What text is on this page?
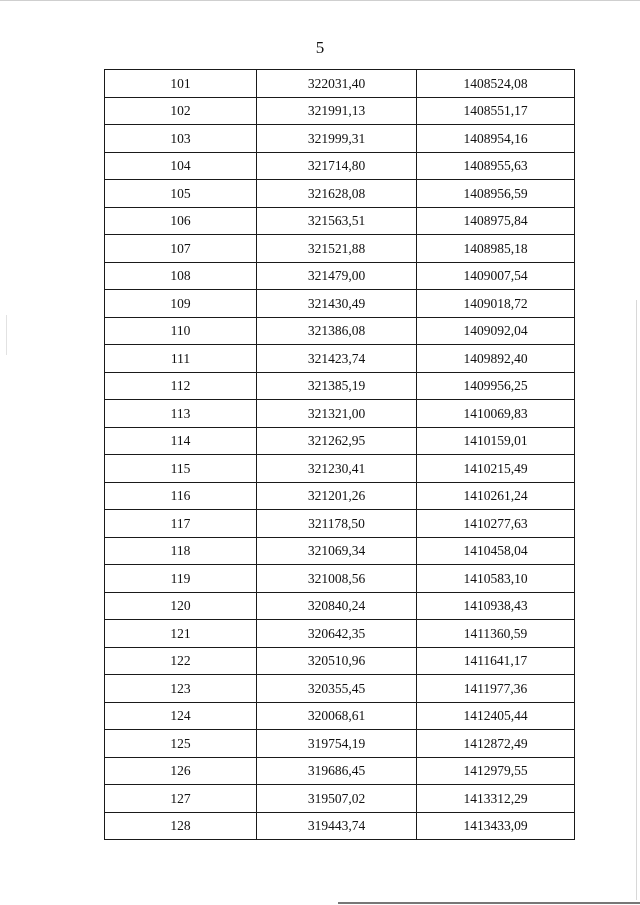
5
101	322031,40	1408524,08
102	321991,13	1408551,17
103	321999,31	1408954,16
104	321714,80	1408955,63
105	321628,08	1408956,59
106	321563,51	1408975,84
107	321521,88	1408985,18
108	321479,00	1409007,54
109	321430,49	1409018,72
110	321386,08	1409092,04
111	321423,74	1409892,40
112	321385,19	1409956,25
113	321321,00	1410069,83
114	321262,95	1410159,01
115	321230,41	1410215,49
116	321201,26	1410261,24
117	321178,50	1410277,63
118	321069,34	1410458,04
119	321008,56	1410583,10
120	320840,24	1410938,43
121	320642,35	1411360,59
122	320510,96	1411641,17
123	320355,45	1411977,36
124	320068,61	1412405,44
125	319754,19	1412872,49
126	319686,45	1412979,55
127	319507,02	1413312,29
128	319443,74	1413433,09
